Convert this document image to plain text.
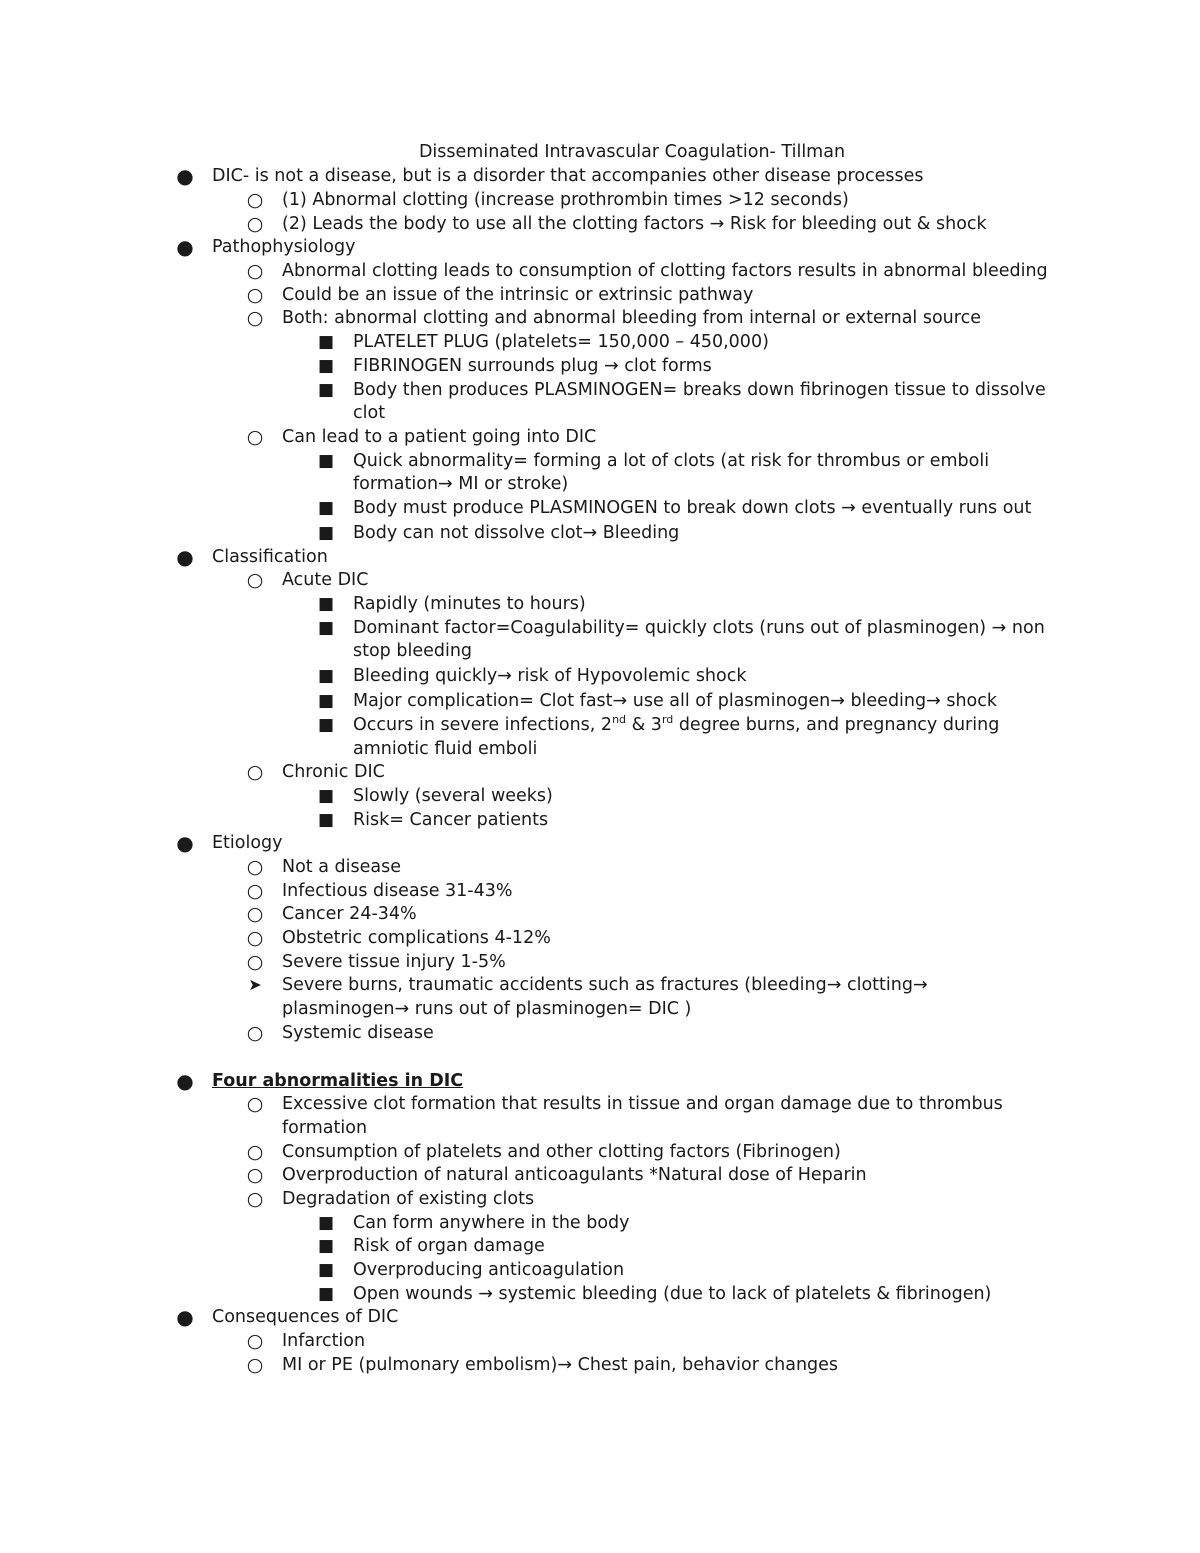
Disseminated Intravascular Coagulation- Tillman
● DIC- is not a disease, but is a disorder that accompanies other disease processes
○ (1) Abnormal clotting (increase prothrombin times >12 seconds)
○ (2) Leads the body to use all the clotting factors → Risk for bleeding out & shock
● Pathophysiology
○ Abnormal clotting leads to consumption of clotting factors results in abnormal bleeding
○ Could be an issue of the intrinsic or extrinsic pathway
○ Both: abnormal clotting and abnormal bleeding from internal or external source
■ PLATELET PLUG (platelets= 150,000 – 450,000)
■ FIBRINOGEN surrounds plug → clot forms
■ Body then produces PLASMINOGEN= breaks down fibrinogen tissue to dissolve
clot
○ Can lead to a patient going into DIC
■ Quick abnormality= forming a lot of clots (at risk for thrombus or emboli
formation→ MI or stroke)
■ Body must produce PLASMINOGEN to break down clots → eventually runs out
■ Body can not dissolve clot→ Bleeding
● Classification
○ Acute DIC
■ Rapidly (minutes to hours)
■ Dominant factor=Coagulability= quickly clots (runs out of plasminogen) → non
stop bleeding
■ Bleeding quickly→ risk of Hypovolemic shock
■ Major complication= Clot fast→ use all of plasminogen→ bleeding→ shock
■ Occurs in severe infections, 2nd & 3rd degree burns, and pregnancy during
amniotic fluid emboli
○ Chronic DIC
■ Slowly (several weeks)
■ Risk= Cancer patients
● Etiology
○ Not a disease
○ Infectious disease 31-43%
○ Cancer 24-34%
○ Obstetric complications 4-12%
○ Severe tissue injury 1-5%
➤ Severe burns, traumatic accidents such as fractures (bleeding→ clotting→
plasminogen→ runs out of plasminogen= DIC )
○ Systemic disease
● Four abnormalities in DIC
○ Excessive clot formation that results in tissue and organ damage due to thrombus
formation
○ Consumption of platelets and other clotting factors (Fibrinogen)
○ Overproduction of natural anticoagulants *Natural dose of Heparin
○ Degradation of existing clots
■ Can form anywhere in the body
■ Risk of organ damage
■ Overproducing anticoagulation
■ Open wounds → systemic bleeding (due to lack of platelets & fibrinogen)
● Consequences of DIC
○ Infarction
○ MI or PE (pulmonary embolism)→ Chest pain, behavior changes
